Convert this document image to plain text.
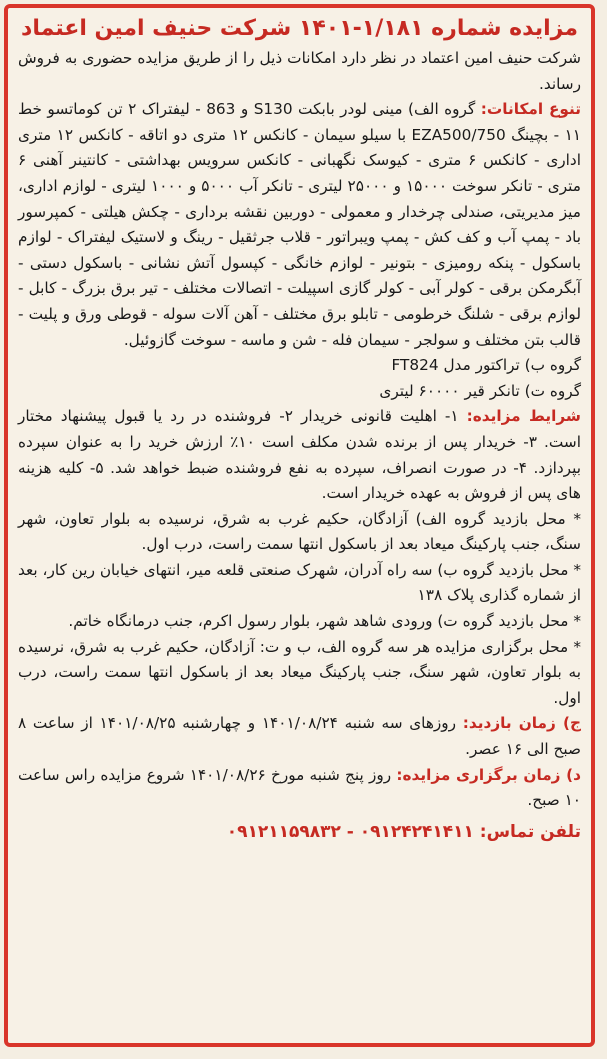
مزایده شماره ۱/۱۸۱-۱۴۰۱ شرکت حنیف امین اعتماد

شرکت حنیف امین اعتماد در نظر دارد امکانات ذیل را از طریق مزایده حضوری به فروش رساند.

تنوع امکانات: گروه الف) مینی لودر بابکت S130 و 863 - لیفتراک ۲ تن کوماتسو خط ۱۱ - بچینگ EZA500/750 با سیلو سیمان - کانکس ۱۲ متری دو اتاقه - کانکس ۱۲ متری اداری - کانکس ۶ متری - کیوسک نگهبانی - کانکس سرویس بهداشتی - کانتینر آهنی ۶ متری - تانکر سوخت ۱۵۰۰۰ و ۲۵۰۰۰ لیتری - تانکر آب ۵۰۰۰ و ۱۰۰۰ لیتری - لوازم اداری، میز مدیریتی، صندلی چرخدار و معمولی - دوربین نقشه برداری - چکش هیلتی - کمپرسور باد - پمپ آب و کف کش - پمپ ویبراتور - قلاب جرثقیل - رینگ و لاستیک لیفتراک - لوازم باسکول - پنکه رومیزی - بتونیر - لوازم خانگی - کپسول آتش نشانی - باسکول دستی - آبگرمکن برقی - کولر آبی - کولر گازی اسپیلت - اتصالات مختلف - تیر برق بزرگ - کابل - لوازم برقی - شلنگ خرطومی - تابلو برق مختلف - آهن آلات سوله - قوطی ورق و پلیت - قالب بتن مختلف و سولجر - سیمان فله - شن و ماسه - سوخت گازوئیل.

گروه ب) تراکتور مدل FT824

گروه ت) تانکر قیر ۶۰۰۰۰ لیتری

شرایط مزایده: ۱- اهلیت قانونی خریدار ۲- فروشنده در رد یا قبول پیشنهاد مختار است. ۳- خریدار پس از برنده شدن مکلف است ۱۰٪ ارزش خرید را به عنوان سپرده بپردازد. ۴- در صورت انصراف، سپرده به نفع فروشنده ضبط خواهد شد. ۵- کلیه هزینه های پس از فروش به عهده خریدار است.

* محل بازدید گروه الف) آزادگان، حکیم غرب به شرق، نرسیده به بلوار تعاون، شهر سنگ، جنب پارکینگ میعاد بعد از باسکول انتها سمت راست، درب اول.

* محل بازدید گروه ب) سه راه آدران، شهرک صنعتی قلعه میر، انتهای خیابان رین کار، بعد از شماره گذاری پلاک ۱۳۸

* محل بازدید گروه ت) ورودی شاهد شهر، بلوار رسول اکرم، جنب درمانگاه خاتم.

* محل برگزاری مزایده هر سه گروه الف، ب و ت: آزادگان، حکیم غرب به شرق، نرسیده به بلوار تعاون، شهر سنگ، جنب پارکینگ میعاد بعد از باسکول انتها سمت راست، درب اول.

ج) زمان بازدید: روزهای سه شنبه ۱۴۰۱/۰۸/۲۴ و چهارشنبه ۱۴۰۱/۰۸/۲۵ از ساعت ۸ صبح الی ۱۶ عصر.

د) زمان برگزاری مزایده: روز پنج شنبه مورخ ۱۴۰۱/۰۸/۲۶ شروع مزایده راس ساعت ۱۰ صبح.

تلفن تماس: ۰۹۱۲۴۲۴۱۴۱۱ - ۰۹۱۲۱۱۵۹۸۳۲
